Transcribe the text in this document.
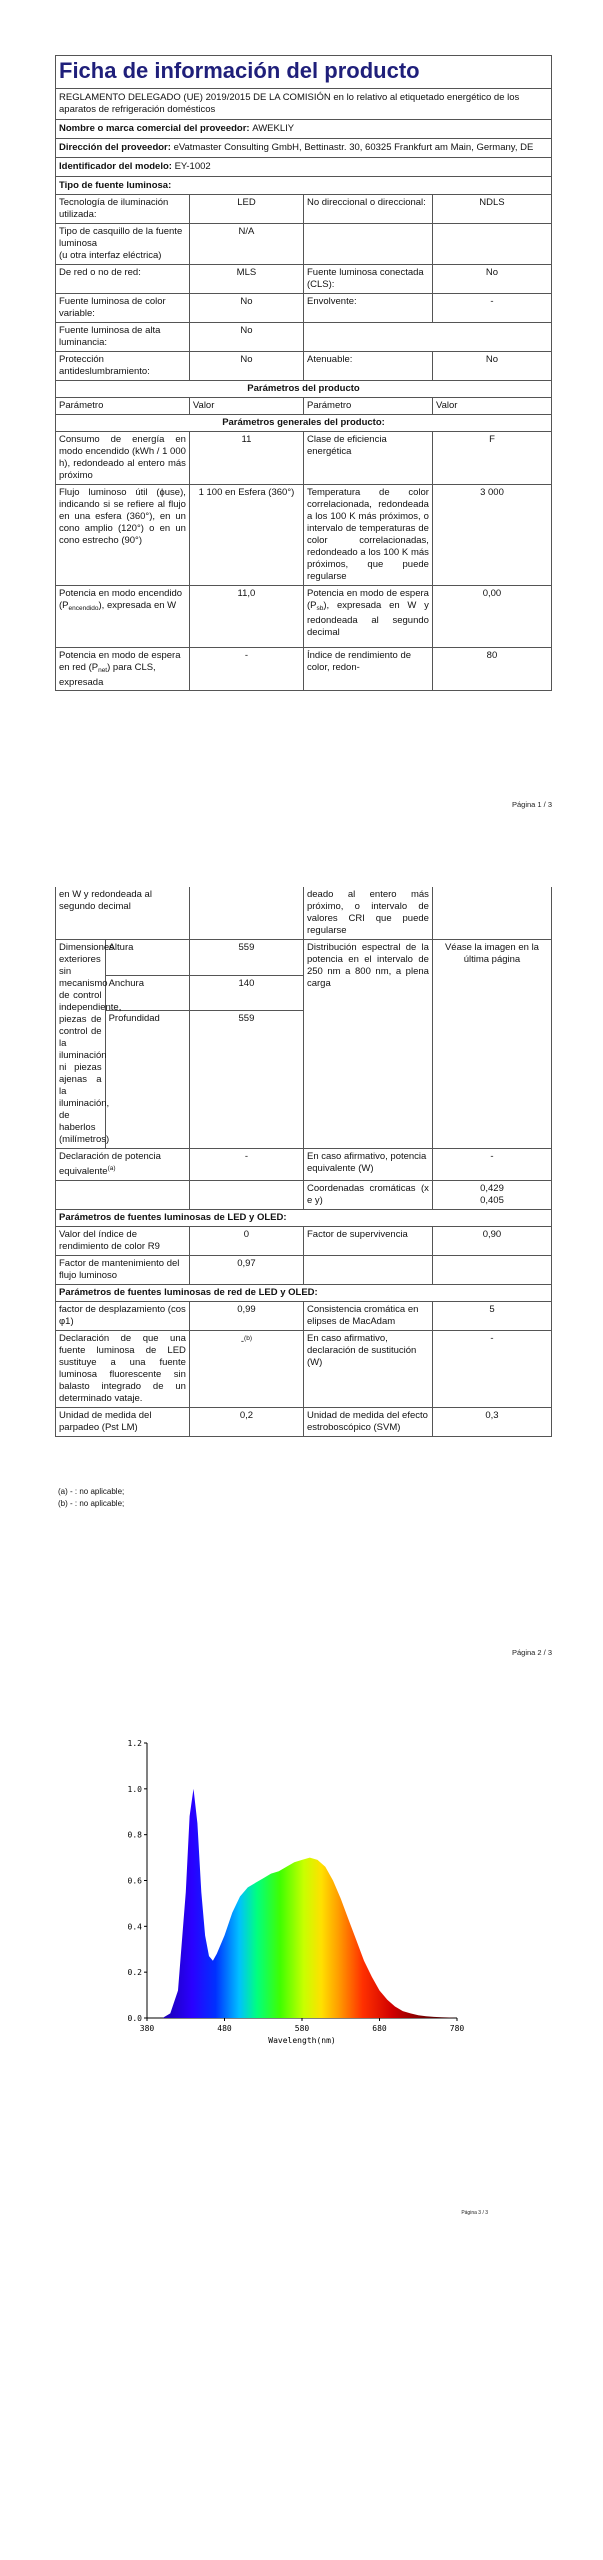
Ficha de información del producto
REGLAMENTO DELEGADO (UE) 2019/2015 DE LA COMISIÓN en lo relativo al etiquetado energético de los aparatos de refrigeración domésticos
Nombre o marca comercial del proveedor: AWEKLIY
Dirección del proveedor: eVatmaster Consulting GmbH, Bettinastr. 30, 60325 Frankfurt am Main, Germany, DE
Identificador del modelo: EY-1002
Tipo de fuente luminosa:
Tecnología de iluminación utilizada:	LED	No direccional o direccional:	NDLS

Tipo de casquillo de la fuente luminosa
(u otra interfaz eléctrica)	N/A		
De red o no de red:	MLS	Fuente luminosa conectada (CLS):	No
Fuente luminosa de color variable:	No	Envolvente:	-
Fuente luminosa de alta luminancia:	No		
Protección antideslumbramiento:	No	Atenuable:	No
Parámetros del producto			
Parámetro	Valor	Parámetro	Valor
Parámetros generales del producto:			
Consumo de energía en modo encendido (kWh / 1 000 h), redondeado al entero más próximo	11	Clase de eficiencia energética	F
Flujo luminoso útil (ɸuse), indicando si se refiere al flujo en una esfera (360°), en un cono amplio (120°) o en un cono estrecho (90°)	1 100 en Esfera (360°)	Temperatura de color correlacionada, redondeada a los 100 K más próximos, o intervalo de temperaturas de color correlacionadas, redondeado a los 100 K más próximos, que puede regularse	3 000
Potencia en modo encendido $(P_{encendido})$, expresada en W	11,0	Potencia en modo de espera $(P_{sb})$, expresada en W y redondeada al segundo decimal	0,00
Potencia en modo de espera en red $(P_{net})$ para CLS, expresada	-	Índice de rendimiento de color, redon-	80
Página 1 / 3
en W y redondeada al segundo decimal			deado al entero más próximo, o intervalo de valores CRI que puede regularse	
Dimensiones exteriores sin mecanismo de control independiente, piezas de control de la iluminación ni piezas ajenas a la iluminación, de haberlos (milímetros)	Altura	559	Distribución espectral de la potencia en el intervalo de 250 nm a 800 nm, a plena carga	Véase la imagen en la última página
	Anchura	140		
	Profundidad	559		
Declaración de potencia equivalente$^{(a)}$		-	En caso afirmativo, potencia equivalente (W)	-
			Coordenadas cromáticas (x e y)	0,429
0,405

Parámetros de fuentes luminosas de LED y OLED:				
Valor del índice de rendimiento de color R9		0	Factor de supervivencia	0,90
Factor de mantenimiento del flujo luminoso		0,97		
Parámetros de fuentes luminosas de red de LED y OLED:				
factor de desplazamiento (cos φ1)		0,99	Consistencia cromática en elipses de MacAdam	5
Declaración de que una fuente luminosa de LED sustituye a una fuente luminosa fluorescente sin balasto integrado de un determinado vataje.		-$^{(b)}$	En caso afirmativo, declaración de sustitución (W)	-
Unidad de medida del parpadeo (Pst LM)		0,2	Unidad de medida del efecto estroboscópico (SVM)	0,3
(a) - : no aplicable;
(b) - : no aplicable;
Página 2 / 3
380	480	580	680	780
0.0
0.2
0.4
0.6
0.8
1.0
1.2
Wavelength(nm)
Página 3 / 3
